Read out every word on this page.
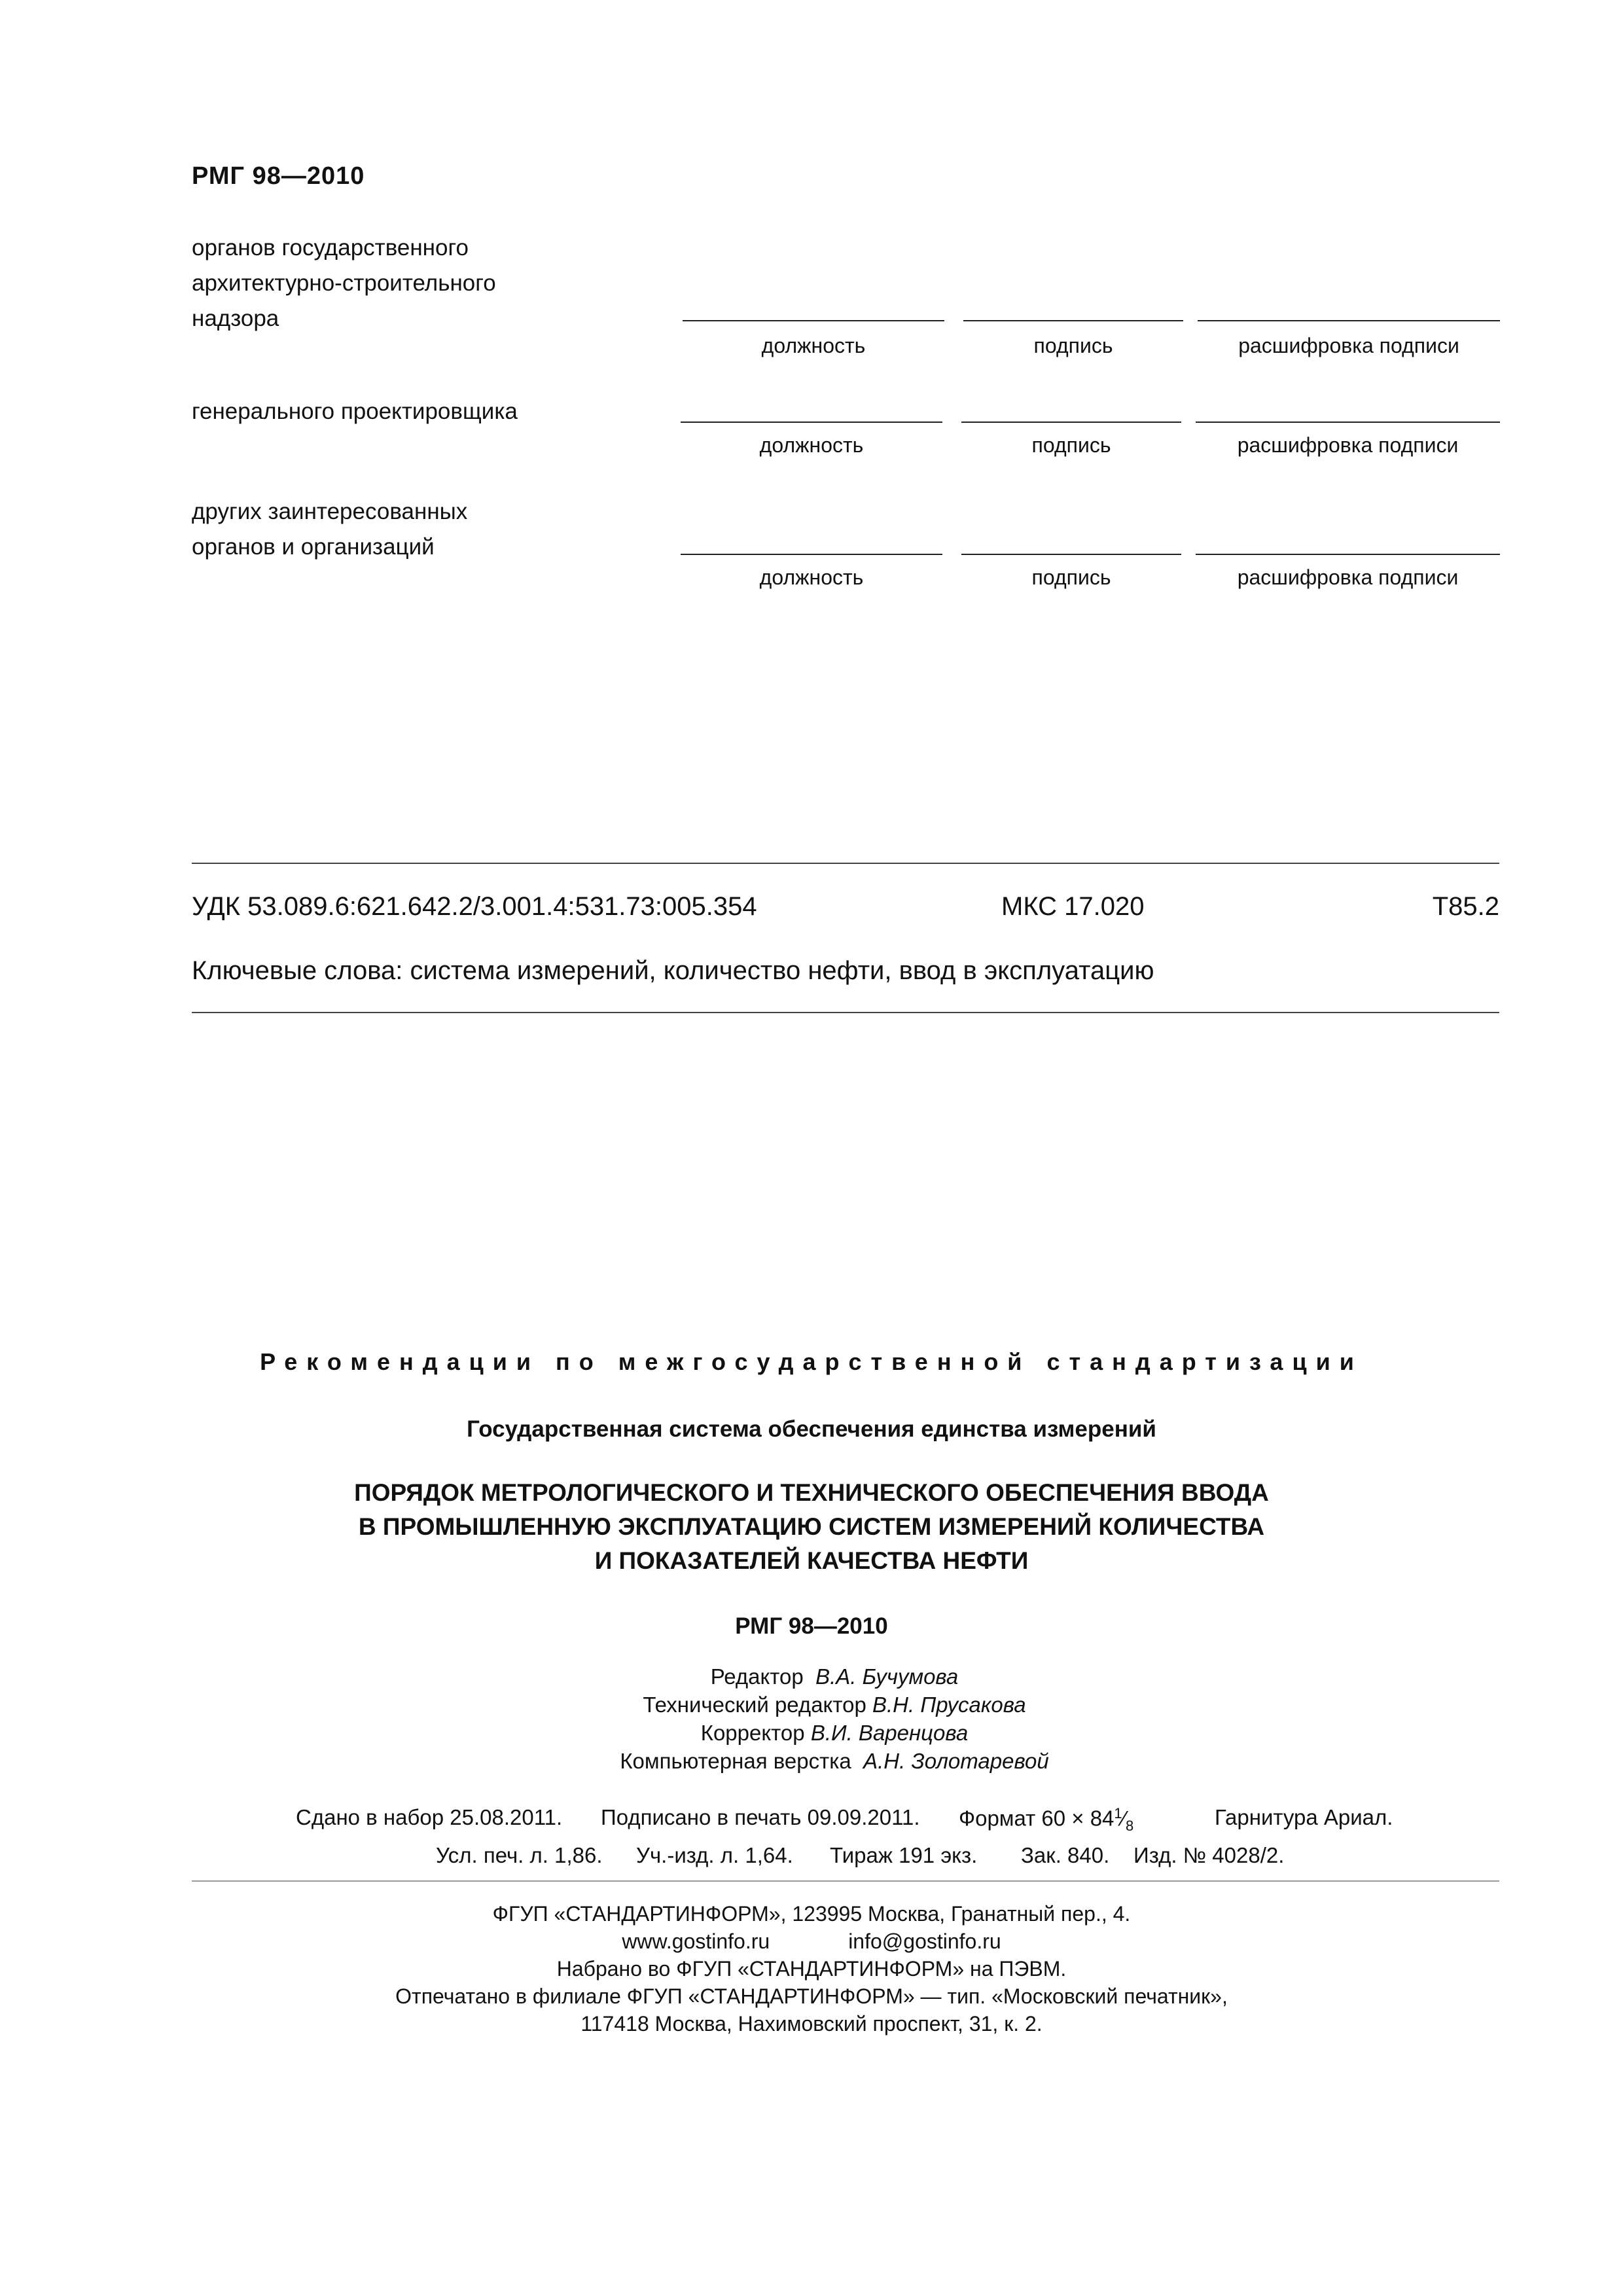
РМГ 98—2010
органов государственного
архитектурно-строительного
надзора
должность	подпись	расшифровка подписи
генерального проектировщика
должность	подпись	расшифровка подписи
других заинтересованных
органов и организаций
должность	подпись	расшифровка подписи
УДК 53.089.6:621.642.2/3.001.4:531.73:005.354	МКС 17.020	Т85.2
Ключевые слова: система измерений, количество нефти, ввод в эксплуатацию
Рекомендации по межгосударственной стандартизации
Государственная система обеспечения единства измерений
ПОРЯДОК МЕТРОЛОГИЧЕСКОГО И ТЕХНИЧЕСКОГО ОБЕСПЕЧЕНИЯ ВВОДА
В ПРОМЫШЛЕННУЮ ЭКСПЛУАТАЦИЮ СИСТЕМ ИЗМЕРЕНИЙ КОЛИЧЕСТВА
И ПОКАЗАТЕЛЕЙ КАЧЕСТВА НЕФТИ
РМГ 98—2010
Редактор В.А. Бучумова
Технический редактор В.Н. Прусакова
Корректор В.И. Варенцова
Компьютерная верстка А.Н. Золотаревой
Сдано в набор 25.08.2011. Подписано в печать 09.09.2011. Формат $60 \times 84^1⁄_8$	Гарнитура Ариал.
Усл. печ. л. 1,86. Уч.-изд. л. 1,64. Тираж 191 экз. Зак. 840. Изд. № 4028/2.
ФГУП «СТАНДАРТИНФОРМ», 123995 Москва, Гранатный пер., 4.
www.gostinfo.ru	info@gostinfo.ru
Набрано во ФГУП «СТАНДАРТИНФОРМ» на ПЭВМ.
Отпечатано в филиале ФГУП «СТАНДАРТИНФОРМ» — тип. «Московский печатник»,
117418 Москва, Нахимовский проспект, 31, к. 2.
